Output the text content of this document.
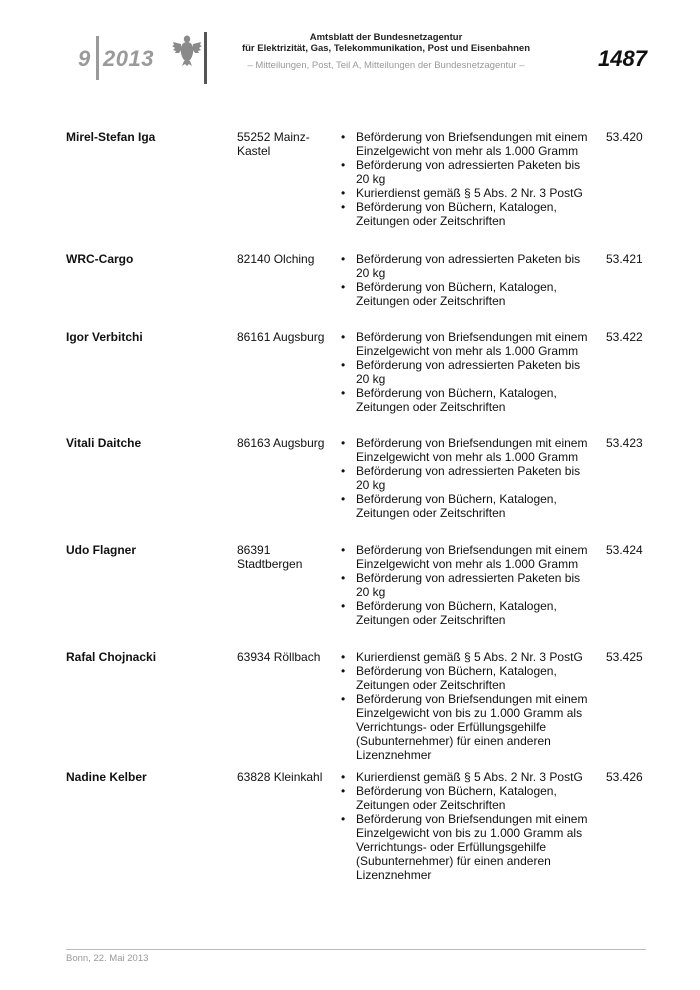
9 2013
Amtsblatt der Bundesnetzagentur
für Elektrizität, Gas, Telekommunikation, Post und Eisenbahnen
– Mitteilungen, Post, Teil A, Mitteilungen der Bundesnetzagentur –	1487
Mirel-Stefan Iga	55252 Mainz-Kastel
• Beförderung von Briefsendungen mit einem Einzelgewicht von mehr als 1.000 Gramm
• Beförderung von adressierten Paketen bis 20 kg
• Kurierdienst gemäß § 5 Abs. 2 Nr. 3 PostG
• Beförderung von Büchern, Katalogen, Zeitungen oder Zeitschriften
53.420
WRC-Cargo	82140 Olching	• Beförderung von adressierten Paketen bis 20 kg
• Beförderung von Büchern, Katalogen, Zeitungen oder Zeitschriften
53.421
Igor Verbitchi	86161 Augsburg	• Beförderung von Briefsendungen mit einem Einzelgewicht von mehr als 1.000 Gramm
• Beförderung von adressierten Paketen bis 20 kg
• Beförderung von Büchern, Katalogen, Zeitungen oder Zeitschriften
53.422
Vitali Daitche	86163 Augsburg	• Beförderung von Briefsendungen mit einem Einzelgewicht von mehr als 1.000 Gramm
• Beförderung von adressierten Paketen bis 20 kg
• Beförderung von Büchern, Katalogen, Zeitungen oder Zeitschriften
53.423
Udo Flagner	86391 Stadtbergen
• Beförderung von Briefsendungen mit einem Einzelgewicht von mehr als 1.000 Gramm
• Beförderung von adressierten Paketen bis 20 kg
• Beförderung von Büchern, Katalogen, Zeitungen oder Zeitschriften
53.424
Rafal Chojnacki	63934 Röllbach	• Kurierdienst gemäß § 5 Abs. 2 Nr. 3 PostG
• Beförderung von Büchern, Katalogen, Zeitungen oder Zeitschriften
• Beförderung von Briefsendungen mit einem Einzelgewicht von bis zu 1.000 Gramm als Verrichtungs- oder Erfüllungsgehilfe (Subunternehmer) für einen anderen Lizenznehmer
53.425
Nadine Kelber	63828 Kleinkahl	• Kurierdienst gemäß § 5 Abs. 2 Nr. 3 PostG
• Beförderung von Büchern, Katalogen, Zeitungen oder Zeitschriften
• Beförderung von Briefsendungen mit einem Einzelgewicht von bis zu 1.000 Gramm als Verrichtungs- oder Erfüllungsgehilfe (Subunternehmer) für einen anderen Lizenznehmer
53.426
Bonn, 22. Mai 2013
